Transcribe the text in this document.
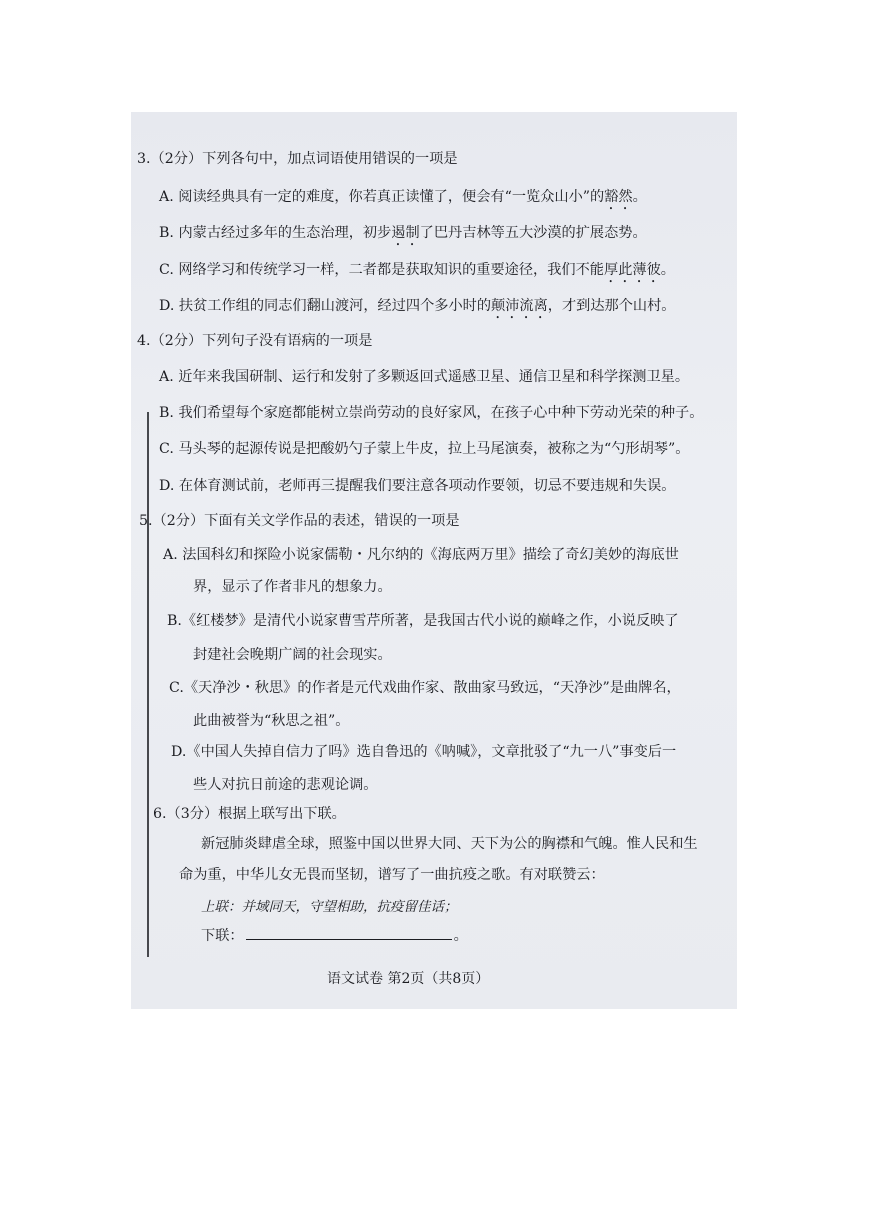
3.（2分）下列各句中，加点词语使用错误的一项是
A. 阅读经典具有一定的难度，你若真正读懂了，便会有“一览众山小”的豁然。
B. 内蒙古经过多年的生态治理，初步遏制了巴丹吉林等五大沙漠的扩展态势。
C. 网络学习和传统学习一样，二者都是获取知识的重要途径，我们不能厚此薄彼。
D. 扶贫工作组的同志们翻山渡河，经过四个多小时的颠沛流离，才到达那个山村。
4.（2分）下列句子没有语病的一项是
A. 近年来我国研制、运行和发射了多颗返回式遥感卫星、通信卫星和科学探测卫星。
B. 我们希望每个家庭都能树立崇尚劳动的良好家风，在孩子心中种下劳动光荣的种子。
C. 马头琴的起源传说是把酸奶勺子蒙上牛皮，拉上马尾演奏，被称之为“勺形胡琴”。
D. 在体育测试前，老师再三提醒我们要注意各项动作要领，切忌不要违规和失误。
5.（2分）下面有关文学作品的表述，错误的一项是
A. 法国科幻和探险小说家儒勒・凡尔纳的《海底两万里》描绘了奇幻美妙的海底世
界，显示了作者非凡的想象力。
B.《红楼梦》是清代小说家曹雪芹所著，是我国古代小说的巅峰之作，小说反映了
封建社会晚期广阔的社会现实。
C.《天净沙・秋思》的作者是元代戏曲作家、散曲家马致远，“天净沙”是曲牌名，
此曲被誉为“秋思之祖”。
D.《中国人失掉自信力了吗》选自鲁迅的《呐喊》，文章批驳了“九一八”事变后一
些人对抗日前途的悲观论调。
6.（3分）根据上联写出下联。
新冠肺炎肆虐全球，照鉴中国以世界大同、天下为公的胸襟和气魄。惟人民和生
命为重，中华儿女无畏而坚韧，谱写了一曲抗疫之歌。有对联赞云：
上联：并域同天，守望相助，抗疫留佳话；
下联：	。
语文试卷 第2页（共8页）
